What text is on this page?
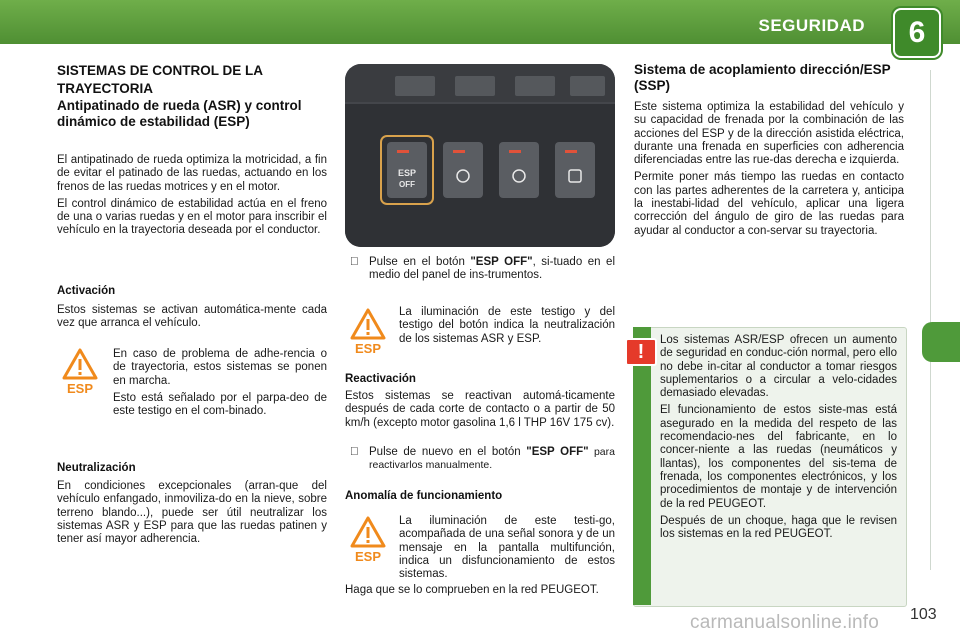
SEGURIDAD	6
SISTEMAS DE CONTROL DE LA TRAYECTORIA
Antipatinado de rueda (ASR) y control dinámico de estabilidad (ESP)

El antipatinado de rueda optimiza la motricidad, a fin de evitar el patinado de las ruedas, actuando en los frenos de las ruedas motrices y en el motor.

El control dinámico de estabilidad actúa en el freno de una o varias ruedas y en el motor para inscribir el vehículo en la trayectoria deseada por el conductor.

Activación
Estos sistemas se activan automática-mente cada vez que arranca el vehículo.
ESP

En caso de problema de adhe-rencia o de trayectoria, estos sistemas se ponen en marcha.

Esto está señalado por el parpa-deo de este testigo en el com-binado.

Neutralización
En condiciones excepcionales (arran-que del vehículo enfangado, inmoviliza-do en la nieve, sobre terreno blando...), puede ser útil neutralizar los sistemas ASR y ESP para que las ruedas patinen y tener así mayor adherencia.
ESP
OFF
Pulse en el botón "ESP OFF", si-tuado en el medio del panel de ins-trumentos.
ESP
La iluminación de este testigo y del testigo del botón indica la neutralización de los sistemas ASR y ESP.
Reactivación
Estos sistemas se reactivan automá-ticamente después de cada corte de contacto o a partir de 50 km/h (excepto motor gasolina 1,6 l THP 16V 175 cv).
Pulse de nuevo en el botón "ESP OFF" para reactivarlos manualmente.
Anomalía de funcionamiento
ESP
La iluminación de este testi-go, acompañada de una señal sonora y de un mensaje en la pantalla multifunción, indica un disfuncionamiento de estos sistemas.
Haga que se lo comprueben en la red PEUGEOT.
Sistema de acoplamiento dirección/ESP (SSP)

Este sistema optimiza la estabilidad del vehículo y su capacidad de frenada por la combinación de las acciones del ESP y de la dirección asistida eléctrica, durante una frenada en superficies con adherencia diferenciadas entre las rue-das derecha e izquierda.

Permite poner más tiempo las ruedas en contacto con las partes adherentes de la carretera y, anticipa la inestabi-lidad del vehículo, aplicar una ligera corrección del ángulo de giro de las ruedas para ayudar al conductor a con-servar su trayectoria.

!

Los sistemas ASR/ESP ofrecen un aumento de seguridad en conduc-ción normal, pero ello no debe in-citar al conductor a tomar riesgos suplementarios o a circular a velo-cidades demasiado elevadas.

El funcionamiento de estos siste-mas está asegurado en la medida del respeto de las recomendacio-nes del fabricante, en lo concer-niente a las ruedas (neumáticos y llantas), los componentes del sis-tema de frenada, los componentes electrónicos, y los procedimientos de montaje y de intervención de la red PEUGEOT.

Después de un choque, haga que le revisen los sistemas en la red PEUGEOT.

carmanualsonline.info 103
